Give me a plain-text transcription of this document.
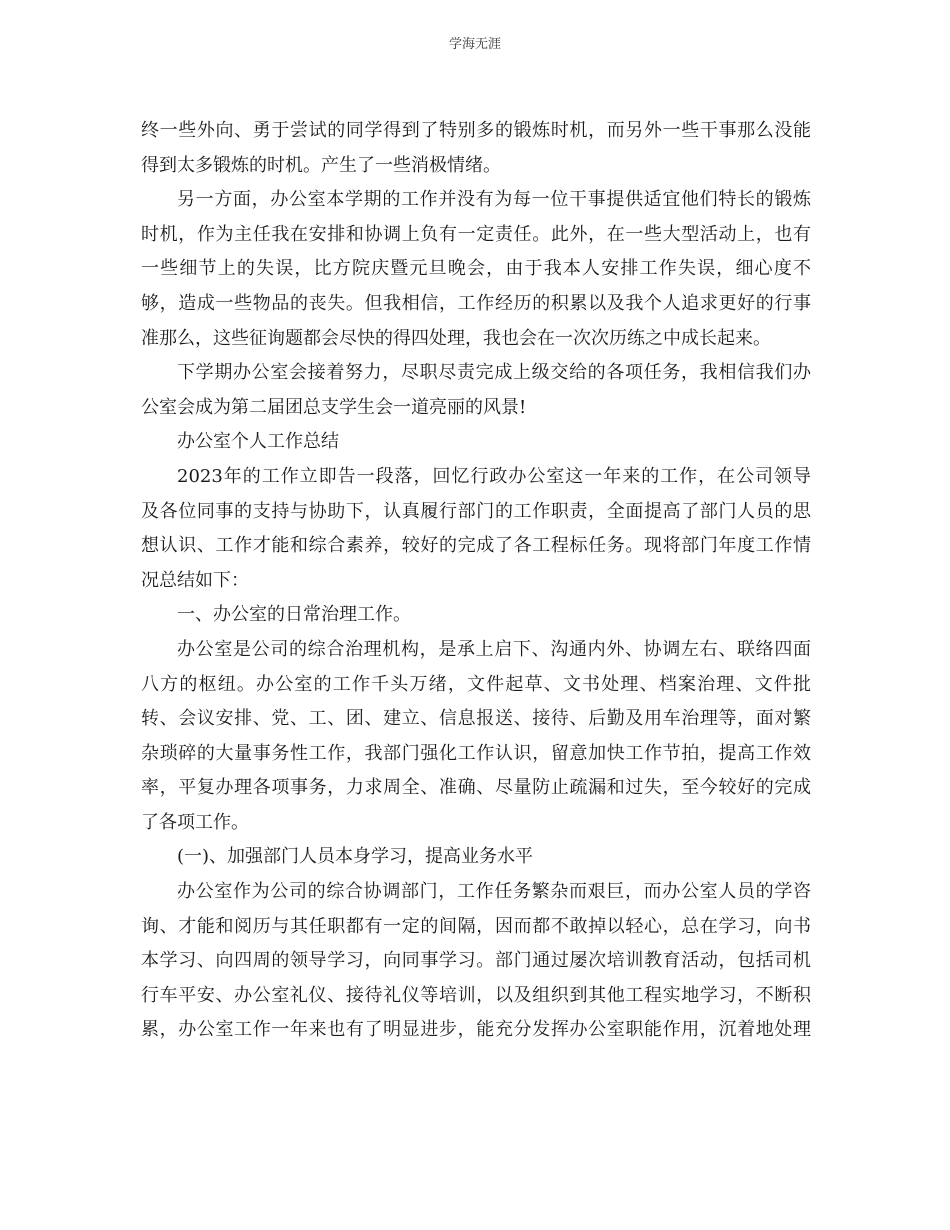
学海无涯
终一些外向、勇于尝试的同学得到了特别多的锻炼时机，而另外一些干事那么没能
得到太多锻炼的时机。产生了一些消极情绪。
另一方面，办公室本学期的工作并没有为每一位干事提供适宜他们特长的锻炼
时机，作为主任我在安排和协调上负有一定责任。此外，在一些大型活动上，也有
一些细节上的失误，比方院庆暨元旦晚会，由于我本人安排工作失误，细心度不
够，造成一些物品的丧失。但我相信，工作经历的积累以及我个人追求更好的行事
准那么，这些征询题都会尽快的得四处理，我也会在一次次历练之中成长起来。
下学期办公室会接着努力，尽职尽责完成上级交给的各项任务，我相信我们办
公室会成为第二届团总支学生会一道亮丽的风景!
办公室个人工作总结
2023年的工作立即告一段落，回忆行政办公室这一年来的工作，在公司领导
及各位同事的支持与协助下，认真履行部门的工作职责，全面提高了部门人员的思
想认识、工作才能和综合素养，较好的完成了各工程标任务。现将部门年度工作情
况总结如下：
一、办公室的日常治理工作。
办公室是公司的综合治理机构，是承上启下、沟通内外、协调左右、联络四面
八方的枢纽。办公室的工作千头万绪，文件起草、文书处理、档案治理、文件批
转、会议安排、党、工、团、建立、信息报送、接待、后勤及用车治理等，面对繁
杂琐碎的大量事务性工作，我部门强化工作认识，留意加快工作节拍，提高工作效
率，平复办理各项事务，力求周全、准确、尽量防止疏漏和过失，至今较好的完成
了各项工作。
(一)、加强部门人员本身学习，提高业务水平
办公室作为公司的综合协调部门，工作任务繁杂而艰巨，而办公室人员的学咨
询、才能和阅历与其任职都有一定的间隔，因而都不敢掉以轻心，总在学习，向书
本学习、向四周的领导学习，向同事学习。部门通过屡次培训教育活动，包括司机
行车平安、办公室礼仪、接待礼仪等培训，以及组织到其他工程实地学习，不断积
累，办公室工作一年来也有了明显进步，能充分发挥办公室职能作用，沉着地处理
